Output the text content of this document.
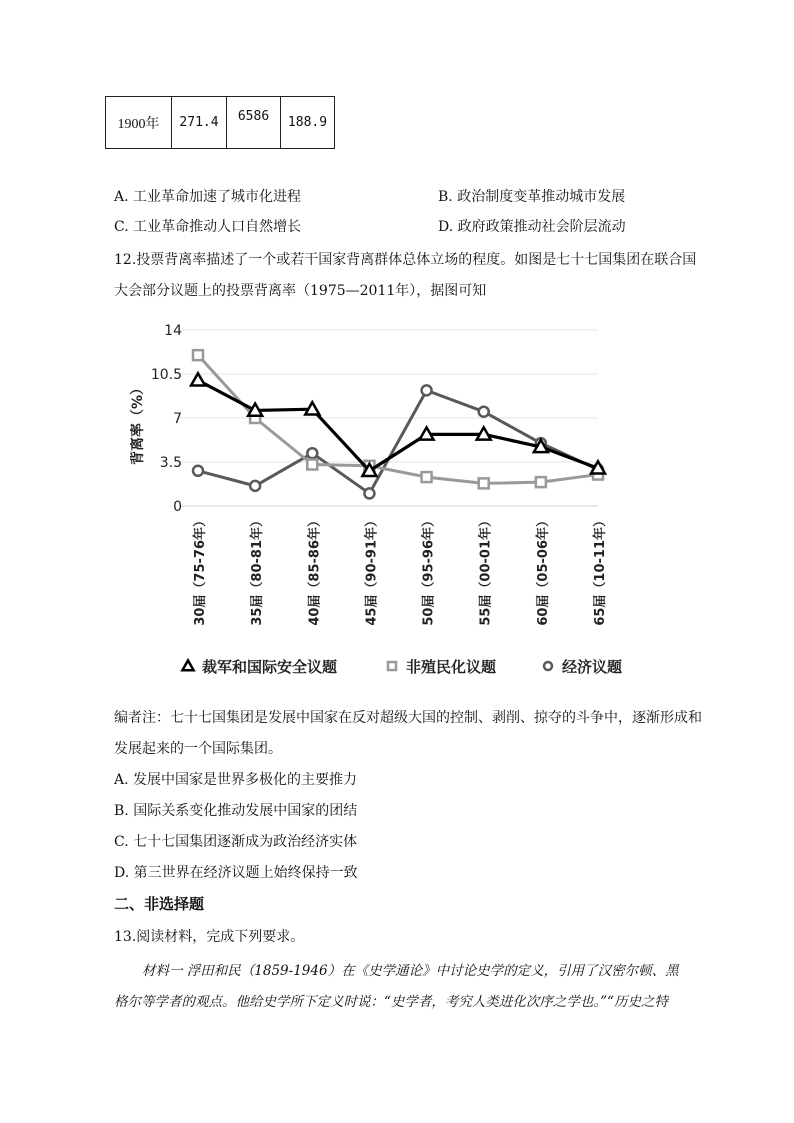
1900年	271.4	6586	188.9
A. 工业革命加速了城市化进程	B. 政治制度变革推动城市发展
C. 工业革命推动人口自然增长	D. 政府政策推动社会阶层流动
12.投票背离率描述了一个或若干国家背离群体总体立场的程度。如图是七十七国集团在联合国
大会部分议题上的投票背离率（1975—2011年），据图可知
0
3.5
7
10.5
14
背离率（%）
30届（75-76年）	35届（80-81年）	40届（85-86年）	45届（90-91年）	50届（95-96年）	55届（00-01年）	60届（05-06年）	65届（10-11年）
裁军和国际安全议题	非殖民化议题	经济议题
编者注：七十七国集团是发展中国家在反对超级大国的控制、剥削、掠夺的斗争中，逐渐形成和
发展起来的一个国际集团。
A. 发展中国家是世界多极化的主要推力
B. 国际关系变化推动发展中国家的团结
C. 七十七国集团逐渐成为政治经济实体
D. 第三世界在经济议题上始终保持一致
二、非选择题
13.阅读材料，完成下列要求。
材料一 浮田和民（1859-1946）在《史学通论》中讨论史学的定义，引用了汉密尔顿、黑
格尔等学者的观点。他给史学所下定义时说：“史学者，考究人类进化次序之学也。”“历史之特
